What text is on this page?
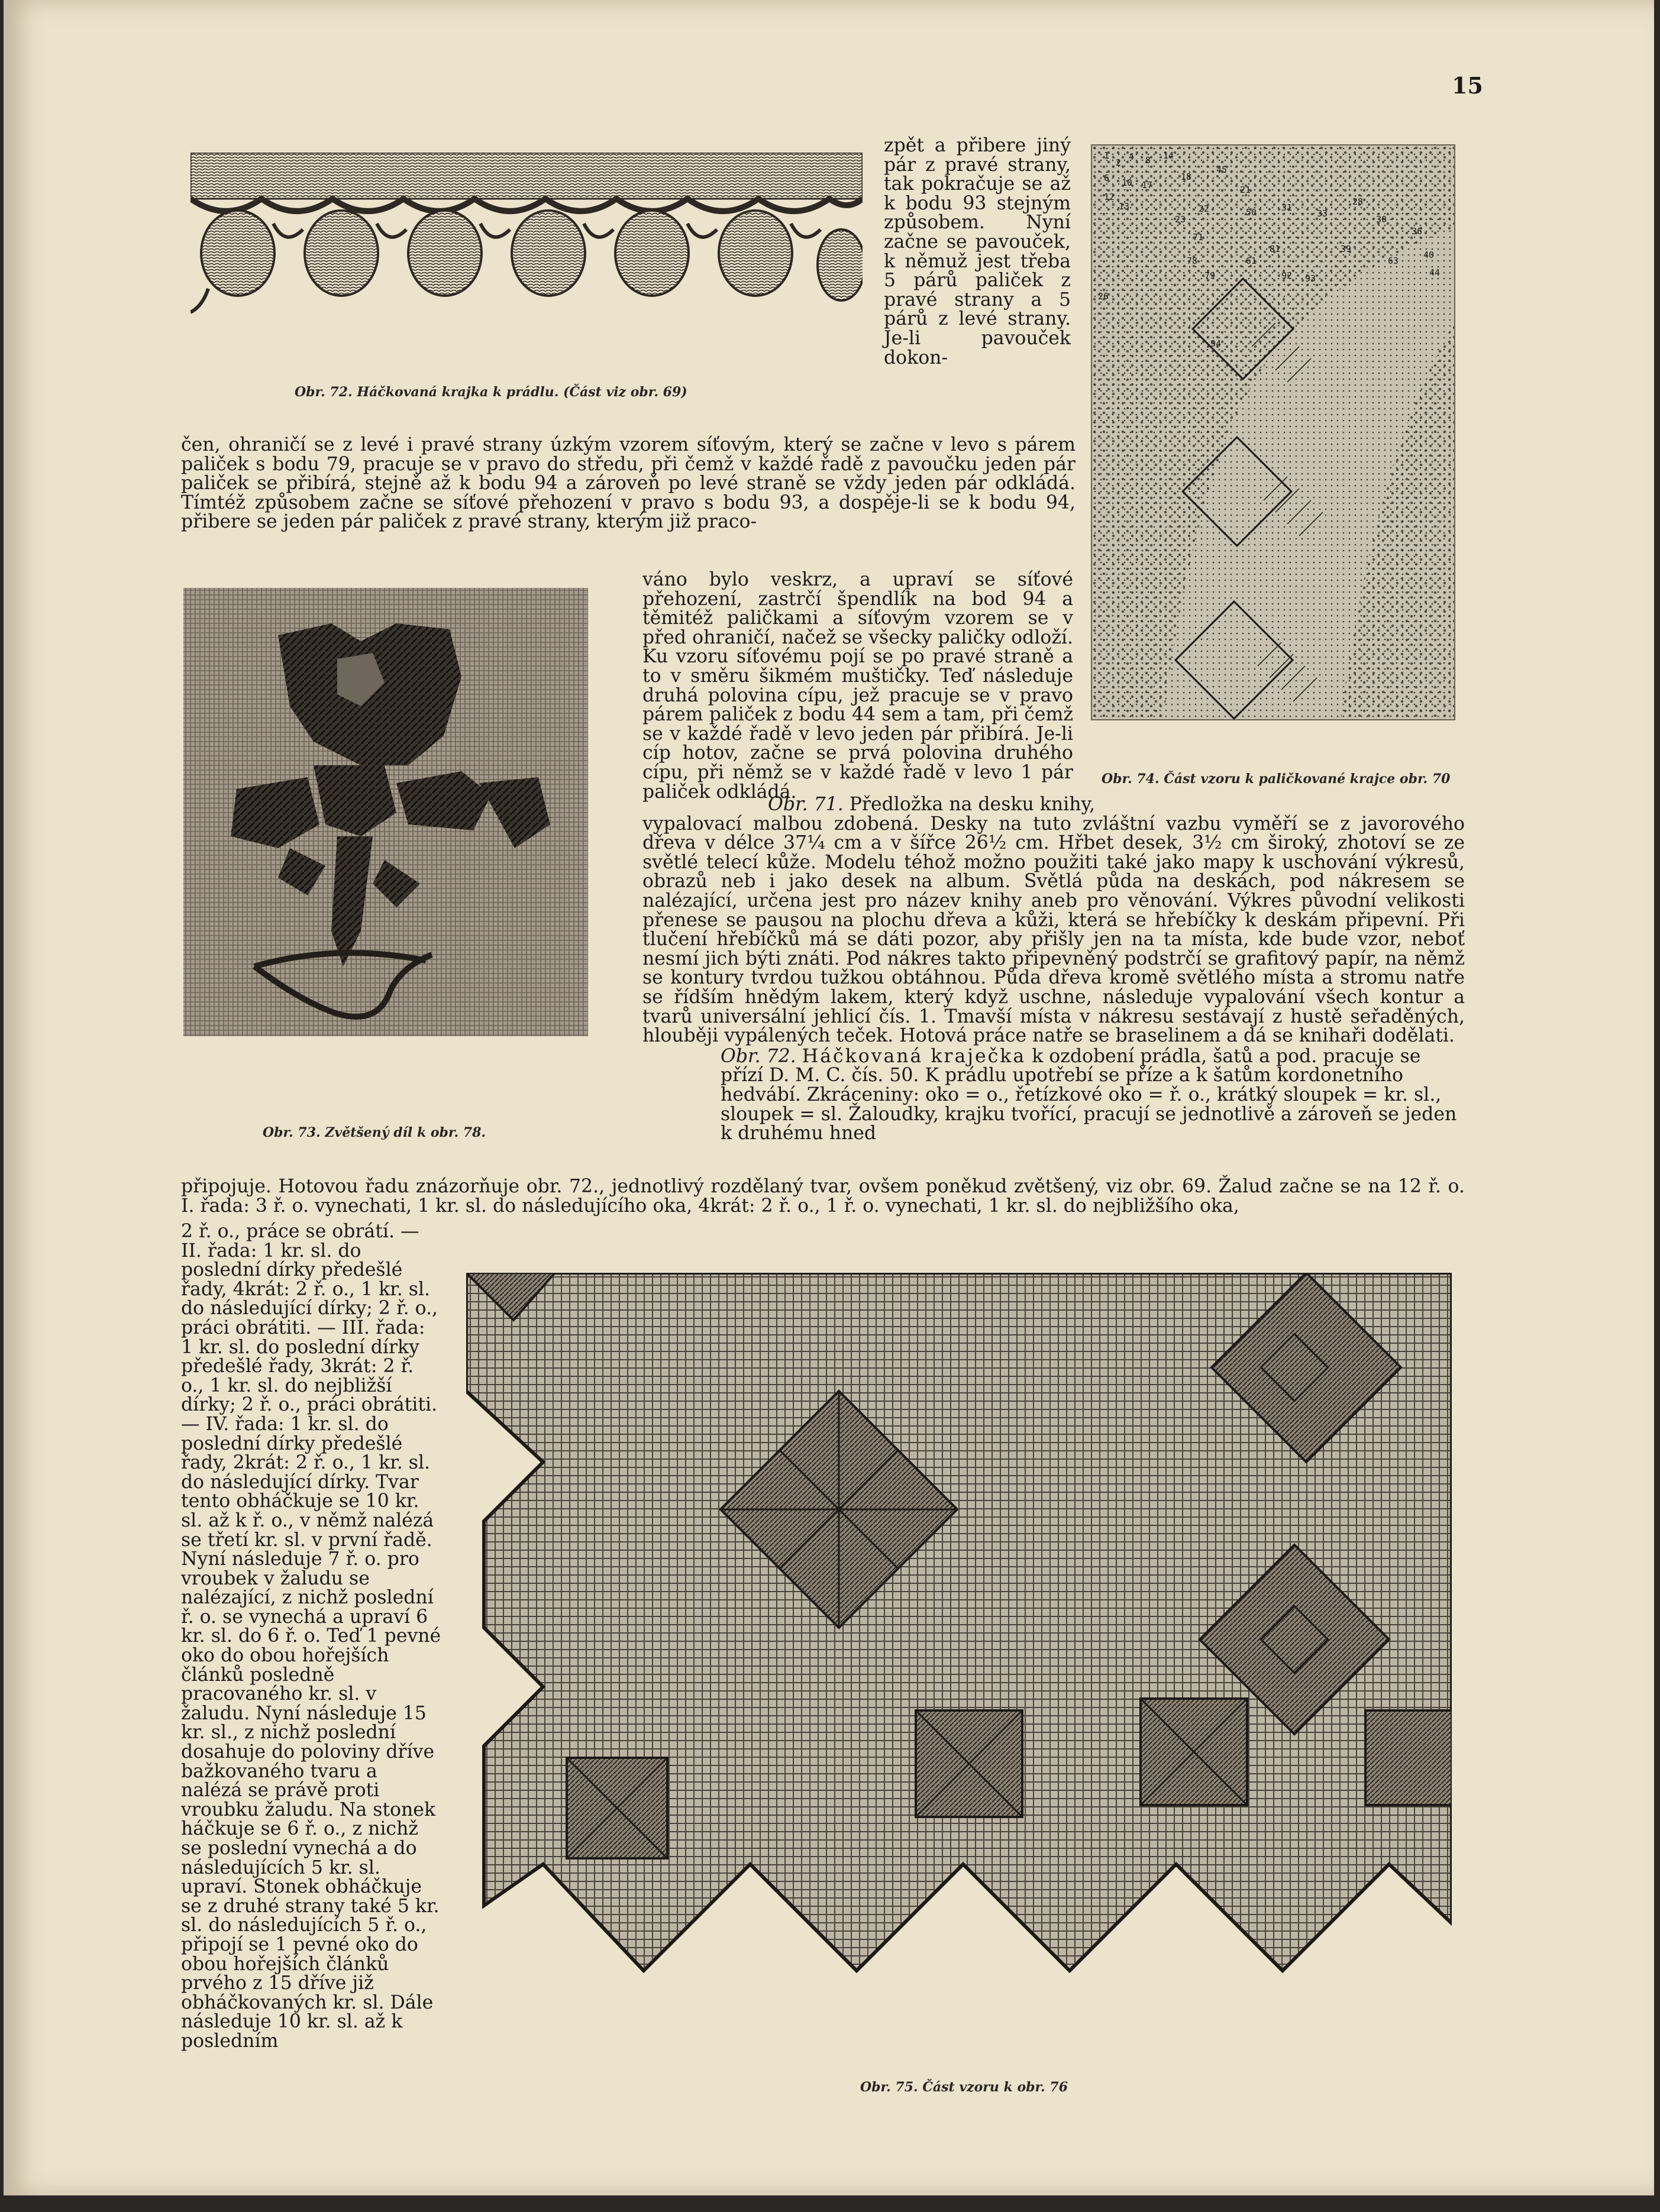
15
Obr. 72. Háčkovaná krajka k prádlu. (Část viz obr. 69)

zpět a přibere jiný pár z pravé strany, tak pokračuje se až k bodu 93 stejným způsobem. Nyní začne se pavouček, k němuž jest třeba 5 párů paliček z pravé strany a 5 párů z levé strany. Je-li pavouček dokon-

1
2
4 8 14
6 10 17
12
13
18
45
21
22
23
50	31
33
28
30
36
40
44
39
61
71
78
79
81
92 93
94
26
63
Obr. 74. Část vzoru k paličkované krajce obr. 70

čen, ohraničí se z levé i pravé strany úzkým vzorem síťovým, který se začne v levo s párem paliček s bodu 79, pracuje se v pravo do středu, při čemž v každé řadě z pavoučku jeden pár paliček se přibírá, stejně až k bodu 94 a zároveň po levé straně se vždy jeden pár odkládá. Tímtéž způsobem začne se síťové přehození v pravo s bodu 93, a dospěje-li se k bodu 94, přibere se jeden pár paliček z pravé strany, kterým již praco-

Obr. 73. Zvětšený díl k obr. 78.

váno bylo veskrz, a upraví se síťové přehození, zastrčí špendlík na bod 94 a těmitéž paličkami a síťovým vzorem se v před ohraničí, načež se všecky paličky odloží. Ku vzoru síťovému pojí se po pravé straně a to v směru šikmém muštičky. Teď následuje druhá polovina cípu, jež pracuje se v pravo párem paliček z bodu 44 sem a tam, při čemž se v každé řadě v levo jeden pár přibírá. Je-li cíp hotov, začne se prvá polovina druhého cípu, při němž se v každé řadě v levo 1 pár paliček odkládá.

Obr. 71. Předložka na desku knihy,

vypalovací malbou zdobená. Desky na tuto zvláštní vazbu vyměří se z javorového dřeva v délce 37¼ cm a v šířce 26½ cm. Hřbet desek, 3½ cm široký, zhotoví se ze světlé telecí kůže. Modelu téhož možno použiti také jako mapy k uschování výkresů, obrazů neb i jako desek na album. Světlá půda na deskách, pod nákresem se nalézající, určena jest pro název knihy aneb pro věnování. Výkres původní velikosti přenese se pausou na plochu dřeva a kůži, která se hřebíčky k deskám připevní. Při tlučení hřebíčků má se dáti pozor, aby přišly jen na ta místa, kde bude vzor, neboť nesmí jich býti znáti. Pod nákres takto připevněný podstrčí se grafitový papír, na němž se kontury tvrdou tužkou obtáhnou. Půda dřeva kromě světlého místa a stromu natře se řídším hnědým lakem, který když uschne, následuje vypalování všech kontur a tvarů universální jehlicí čís. 1. Tmavší místa v nákresu sestávají z hustě seřaděných, hlouběji vypálených teček. Hotová práce natře se braselinem a dá se knihaři dodělati.

Obr. 72. Háčkovaná kraječka k ozdobení prádla, šatů a pod. pracuje se přízí D. M. C. čís. 50. K prádlu upotřebí se příze a k šatům kordonetního hedvábí. Zkráceniny: oko = o., řetízkové oko = ř. o., krátký sloupek = kr. sl., sloupek = sl. Žaloudky, krajku tvořící, pracují se jednotlivě a zároveň se jeden k druhému hned

připojuje. Hotovou řadu znázorňuje obr. 72., jednotlivý rozdělaný tvar, ovšem poněkud zvětšený, viz obr. 69. Žalud začne se na 12 ř. o. I. řada: 3 ř. o. vynechati, 1 kr. sl. do následujícího oka, 4krát: 2 ř. o., 1 ř. o. vynechati, 1 kr. sl. do nejbližšího oka,

2 ř. o., práce se obrátí. — II. řada: 1 kr. sl. do poslední dírky předešlé řady, 4krát: 2 ř. o., 1 kr. sl. do následující dírky; 2 ř. o., práci obrátiti. — III. řada: 1 kr. sl. do poslední dírky předešlé řady, 3krát: 2 ř. o., 1 kr. sl. do nejbližší dírky; 2 ř. o., práci obrátiti. — IV. řada: 1 kr. sl. do poslední dírky předešlé řady, 2krát: 2 ř. o., 1 kr. sl. do následující dírky. Tvar tento obháčkuje se 10 kr. sl. až k ř. o., v němž nalézá se třetí kr. sl. v první řadě. Nyní následuje 7 ř. o. pro vroubek v žaludu se nalézající, z nichž poslední ř. o. se vynechá a upraví 6 kr. sl. do 6 ř. o. Teď 1 pevné oko do obou hořejších článků posledně pracovaného kr. sl. v žaludu. Nyní následuje 15 kr. sl., z nichž poslední dosahuje do poloviny dříve bažkovaného tvaru a nalézá se právě proti vroubku žaludu. Na stonek háčkuje se 6 ř. o., z nichž se poslední vynechá a do následujících 5 kr. sl. upraví. Stonek obháčkuje se z druhé strany také 5 kr. sl. do následujících 5 ř. o., připojí se 1 pevné oko do obou hořejších článků prvého z 15 dříve již obháčkovaných kr. sl. Dále následuje 10 kr. sl. až k posledním

Obr. 75. Část vzoru k obr. 76
